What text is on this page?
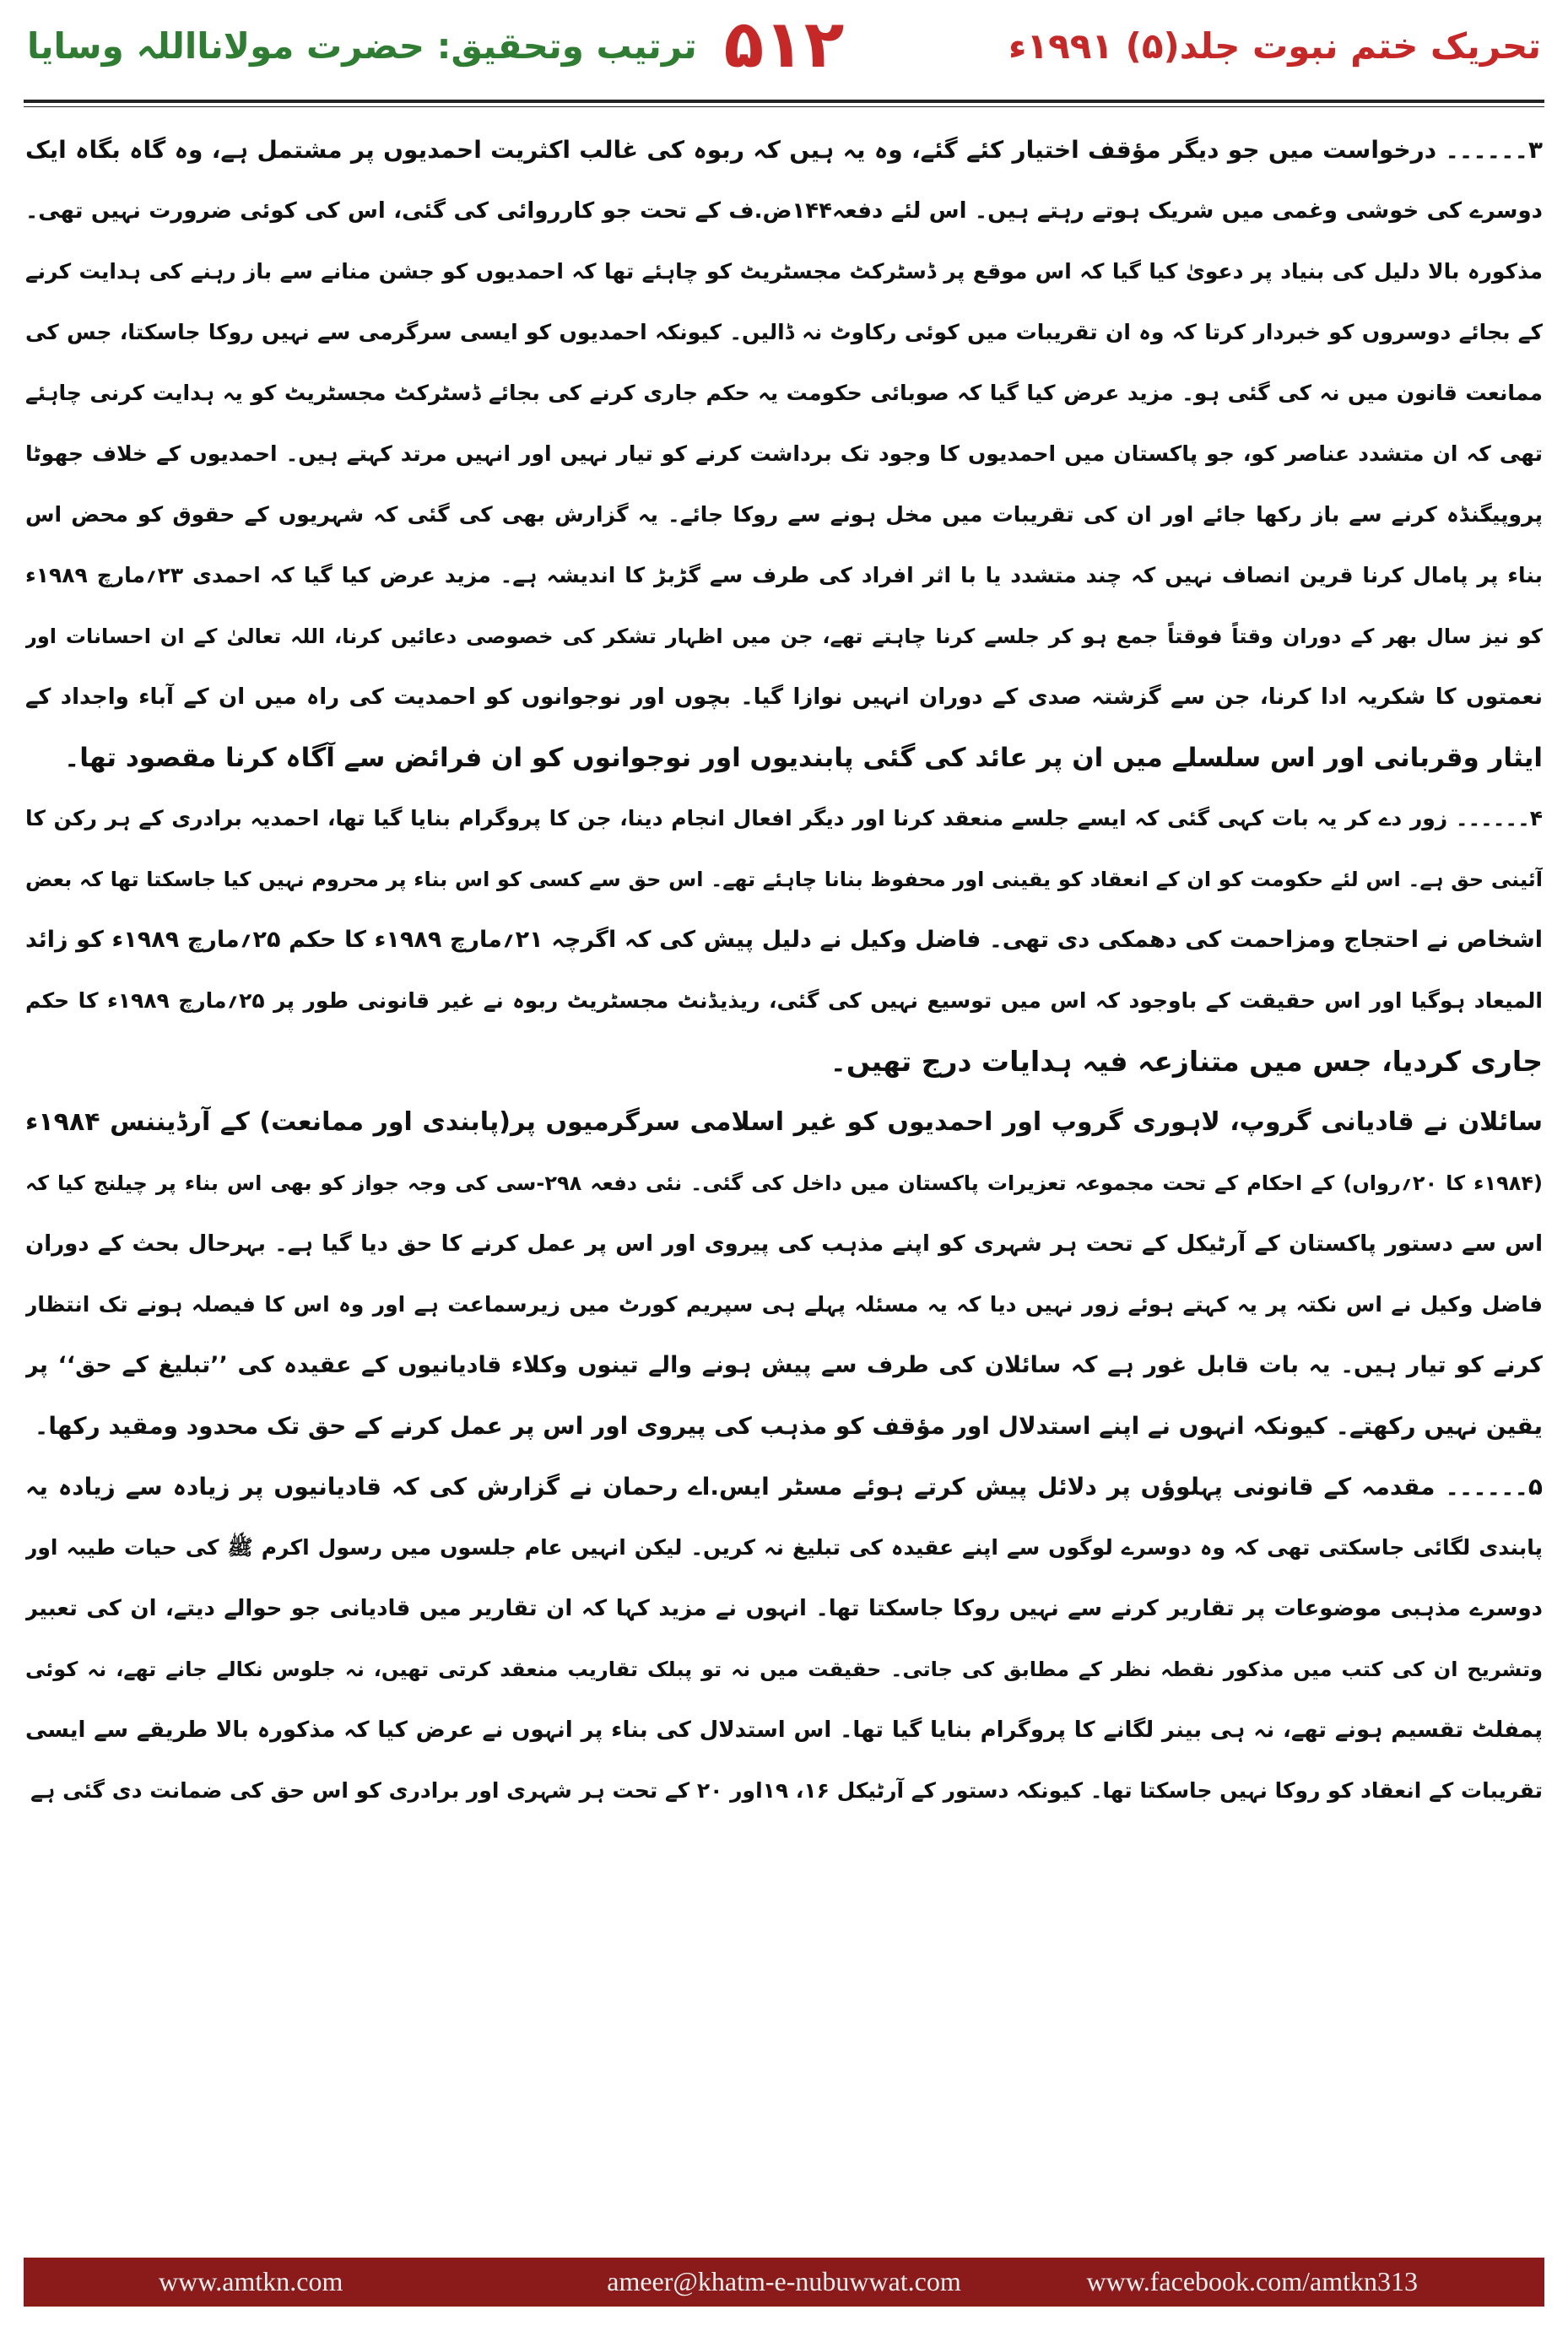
ترتیب وتحقیق: حضرت مولانااللہ وسایا ۵۱۲	تحریک ختم نبوت جلد(۵) ۱۹۹۱ء
۳۔۔۔۔۔۔ درخواست میں جو دیگر مؤقف اختیار کئے گئے، وہ یہ ہیں کہ ربوہ کی غالب اکثریت احمدیوں پر مشتمل ہے، وہ گاہ بگاہ ایک
دوسرے کی خوشی وغمی میں شریک ہوتے رہتے ہیں۔ اس لئے دفعہ۱۴۴ض.ف کے تحت جو کارروائی کی گئی، اس کی کوئی ضرورت نہیں تھی۔
مذکورہ بالا دلیل کی بنیاد پر دعویٰ کیا گیا کہ اس موقع پر ڈسٹرکٹ مجسٹریٹ کو چاہئے تھا کہ احمدیوں کو جشن منانے سے باز رہنے کی ہدایت کرنے
کے بجائے دوسروں کو خبردار کرتا کہ وہ ان تقریبات میں کوئی رکاوٹ نہ ڈالیں۔ کیونکہ احمدیوں کو ایسی سرگرمی سے نہیں روکا جاسکتا، جس کی
ممانعت قانون میں نہ کی گئی ہو۔ مزید عرض کیا گیا کہ صوبائی حکومت یہ حکم جاری کرنے کی بجائے ڈسٹرکٹ مجسٹریٹ کو یہ ہدایت کرنی چاہئے
تھی کہ ان متشدد عناصر کو، جو پاکستان میں احمدیوں کا وجود تک برداشت کرنے کو تیار نہیں اور انہیں مرتد کہتے ہیں۔ احمدیوں کے خلاف جھوٹا
پروپیگنڈہ کرنے سے باز رکھا جائے اور ان کی تقریبات میں مخل ہونے سے روکا جائے۔ یہ گزارش بھی کی گئی کہ شہریوں کے حقوق کو محض اس
بناء پر پامال کرنا قرین انصاف نہیں کہ چند متشدد یا با اثر افراد کی طرف سے گڑبڑ کا اندیشہ ہے۔ مزید عرض کیا گیا کہ احمدی ۲۳؍مارچ ۱۹۸۹ء
کو نیز سال بھر کے دوران وقتاً فوقتاً جمع ہو کر جلسے کرنا چاہتے تھے، جن میں اظہار تشکر کی خصوصی دعائیں کرنا، اللہ تعالیٰ کے ان احسانات اور
نعمتوں کا شکریہ ادا کرنا، جن سے گزشتہ صدی کے دوران انہیں نوازا گیا۔ بچوں اور نوجوانوں کو احمدیت کی راہ میں ان کے آباء واجداد کے
ایثار وقربانی اور اس سلسلے میں ان پر عائد کی گئی پابندیوں اور نوجوانوں کو ان فرائض سے آگاہ کرنا مقصود تھا۔
۴۔۔۔۔۔۔ زور دے کر یہ بات کہی گئی کہ ایسے جلسے منعقد کرنا اور دیگر افعال انجام دینا، جن کا پروگرام بنایا گیا تھا، احمدیہ برادری کے ہر رکن کا
آئینی حق ہے۔ اس لئے حکومت کو ان کے انعقاد کو یقینی اور محفوظ بنانا چاہئے تھے۔ اس حق سے کسی کو اس بناء پر محروم نہیں کیا جاسکتا تھا کہ بعض
اشخاص نے احتجاج ومزاحمت کی دھمکی دی تھی۔ فاضل وکیل نے دلیل پیش کی کہ اگرچہ ۲۱؍مارچ ۱۹۸۹ء کا حکم ۲۵؍مارچ ۱۹۸۹ء کو زائد
المیعاد ہوگیا اور اس حقیقت کے باوجود کہ اس میں توسیع نہیں کی گئی، ریذیڈنٹ مجسٹریٹ ربوہ نے غیر قانونی طور پر ۲۵؍مارچ ۱۹۸۹ء کا حکم
جاری کردیا، جس میں متنازعہ فیہ ہدایات درج تھیں۔
سائلان نے قادیانی گروپ، لاہوری گروپ اور احمدیوں کو غیر اسلامی سرگرمیوں پر(پابندی اور ممانعت) کے آرڈیننس ۱۹۸۴ء
(۱۹۸۴ء کا ۲۰؍رواں) کے احکام کے تحت مجموعہ تعزیرات پاکستان میں داخل کی گئی۔ نئی دفعہ ۲۹۸-سی کی وجہ جواز کو بھی اس بناء پر چیلنج کیا کہ
اس سے دستور پاکستان کے آرٹیکل کے تحت ہر شہری کو اپنے مذہب کی پیروی اور اس پر عمل کرنے کا حق دیا گیا ہے۔ بہرحال بحث کے دوران
فاضل وکیل نے اس نکتہ پر یہ کہتے ہوئے زور نہیں دیا کہ یہ مسئلہ پہلے ہی سپریم کورٹ میں زیرسماعت ہے اور وہ اس کا فیصلہ ہونے تک انتظار
کرنے کو تیار ہیں۔ یہ بات قابل غور ہے کہ سائلان کی طرف سے پیش ہونے والے تینوں وکلاء قادیانیوں کے عقیدہ کی ’’تبلیغ کے حق‘‘ پر
یقین نہیں رکھتے۔ کیونکہ انہوں نے اپنے استدلال اور مؤقف کو مذہب کی پیروی اور اس پر عمل کرنے کے حق تک محدود ومقید رکھا۔
۵۔۔۔۔۔۔ مقدمہ کے قانونی پہلوؤں پر دلائل پیش کرتے ہوئے مسٹر ایس.اے رحمان نے گزارش کی کہ قادیانیوں پر زیادہ سے زیادہ یہ
پابندی لگائی جاسکتی تھی کہ وہ دوسرے لوگوں سے اپنے عقیدہ کی تبلیغ نہ کریں۔ لیکن انہیں عام جلسوں میں رسول اکرم ﷺ کی حیات طیبہ اور
دوسرے مذہبی موضوعات پر تقاریر کرنے سے نہیں روکا جاسکتا تھا۔ انہوں نے مزید کہا کہ ان تقاریر میں قادیانی جو حوالے دیتے، ان کی تعبیر
وتشریح ان کی کتب میں مذکور نقطہ نظر کے مطابق کی جاتی۔ حقیقت میں نہ تو پبلک تقاریب منعقد کرتی تھیں، نہ جلوس نکالے جانے تھے، نہ کوئی
پمفلٹ تقسیم ہونے تھے، نہ ہی بینر لگانے کا پروگرام بنایا گیا تھا۔ اس استدلال کی بناء پر انہوں نے عرض کیا کہ مذکورہ بالا طریقے سے ایسی
تقریبات کے انعقاد کو روکا نہیں جاسکتا تھا۔ کیونکہ دستور کے آرٹیکل ۱۶، ۱۹اور ۲۰ کے تحت ہر شہری اور برادری کو اس حق کی ضمانت دی گئی ہے
www.amtkn.com	ameer@khatm-e-nubuwwat.com	www.facebook.com/amtkn313
